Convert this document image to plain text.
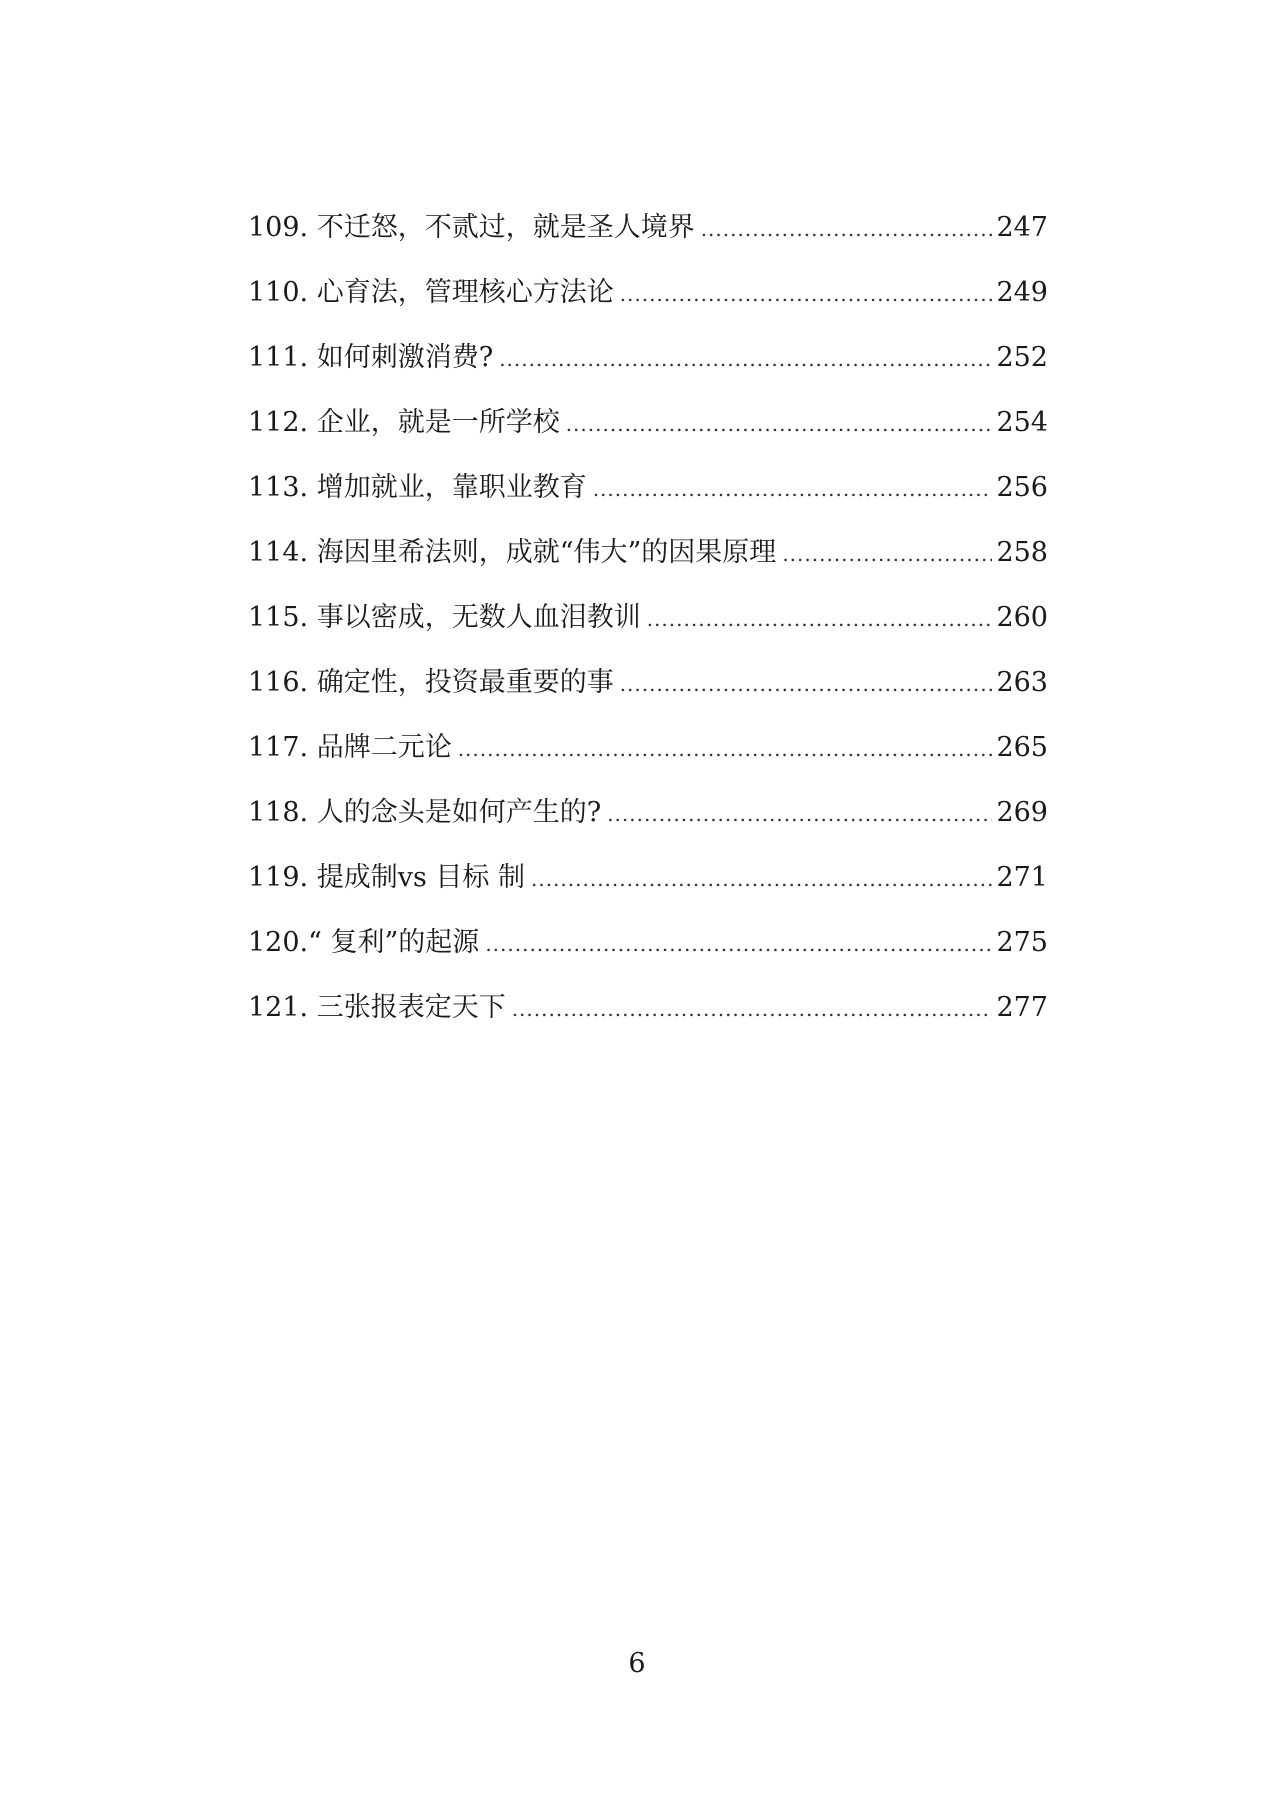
109. 不迁怒，不贰过，就是圣人境界 .....	247
110. 心育法，管理核心方法论 .....	249
111. 如何刺激消费? .....	252
112. 企业，就是一所学校 .....	254
113. 增加就业，靠职业教育 .....	256
114. 海因里希法则，成就“伟大”的因果原理 .....	258
115. 事以密成，无数人血泪教训 .....	260
116. 确定性，投资最重要的事 .....	263
117. 品牌二元论 .....	265
118. 人的念头是如何产生的? .....	269
119. 提成制vs 目标 制 .....	271
120.“ 复利”的起源 .....	275
121. 三张报表定天下 .....	277
6
